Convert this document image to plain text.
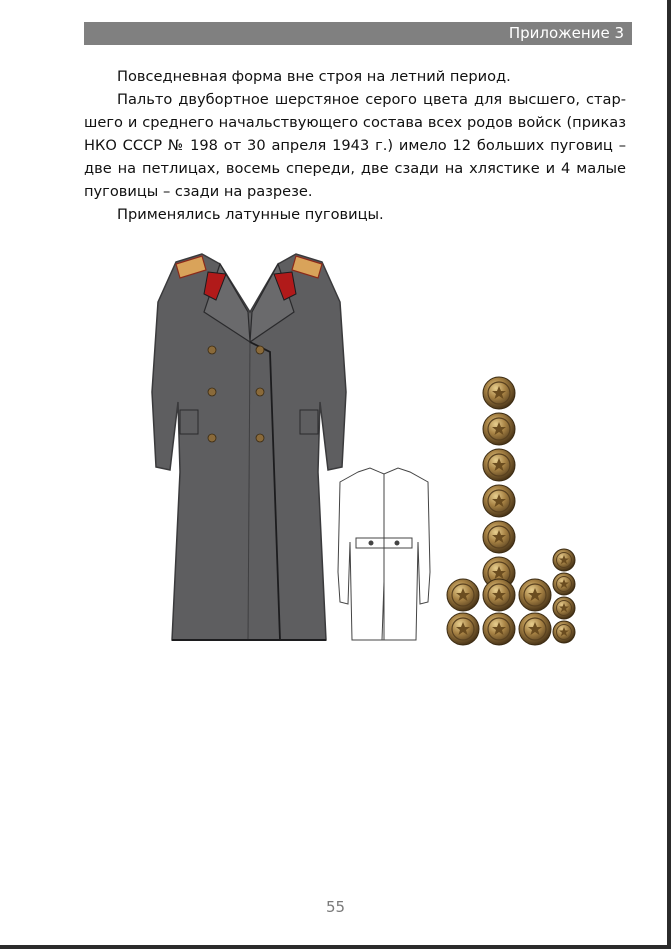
Приложение 3

Повседневная форма вне строя на летний период.

Пальто двубортное шерстяное серого цвета для высшего, стар-шего и среднего начальствующего состава всех родов войск (приказ НКО СССР № 198 от 30 апреля 1943 г.) имело 12 больших пуговиц – две на петлицах, восемь спереди, две сзади на хлястике и 4 малые пуговицы – сзади на разрезе.

Применялись латунные пуговицы.

55
